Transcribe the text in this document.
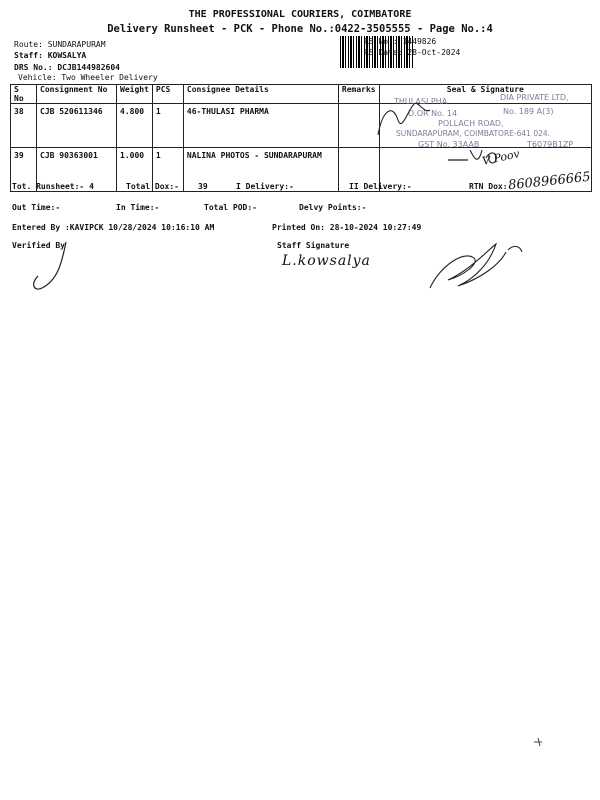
THE PROFESSIONAL COURIERS, COIMBATORE
Delivery Runsheet - PCK - Phone No.:0422-3505555 - Page No.:4
Route: SUNDARAPURAM
Staff: KOWSALYA
DRS No.: DCJB144982604
Vehicle: Two Wheeler Delivery
RS No.: 1449826
RS Date: 28-Oct-2024
S No	Consignment No	Weight	PCS	Consignee Details	Remarks	Seal & Signature
38	CJB 520611346	4.800	1	46-THULASI PHARMA		
39	CJB 90363001	1.000	1	NALINA PHOTOS - SUNDARAPURAM		
THULASI PHA	DIA PRIVATE LTD,
D.OR No. 14	No. 189 A(3)
POLLACH ROAD,
SUNDARAPURAM, COIMBATORE-641 024.
GST No. 33AAB	T6079B1ZP
V Poov
Tot. Runsheet:- 4	Total Dox:- 39	I Delivery:-	II Delivery:-	RTN Dox: 8608966665
Out Time:-	In Time:-	Total POD:-	Delvy Points:-
Entered By :KAVIPCK 10/28/2024 10:16:10 AM	Printed On: 28-10-2024 10:27:49
Verified By	Staff Signature
L.kowsalya
